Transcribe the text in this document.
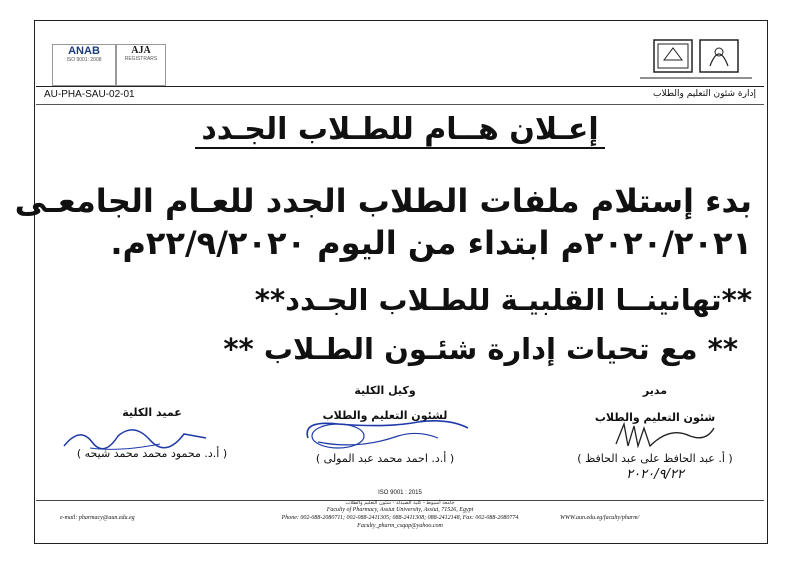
ANAB
ISO 9001: 2008
AJA
REGISTRARS
AU-PHA-SAU-02-01	إدارة شئون التعليم والطلاب
إعـلان هــام للطـلاب الجـدد
بدء إستلام ملفات الطلاب الجدد للعـام الجامعـى
٢٠٢٠/٢٠٢١م ابتداء من اليوم ٢٢/٩/٢٠٢٠م.
**تهانينــا القلبيـة للطـلاب الجـدد**
** مع تحيات إدارة شئـون الطـلاب **
عميد الكلية
( أ.د. محمود محمد محمد شيحه )
وكيل الكلية
لشئون التعليم والطلاب
( أ.د. احمد محمد عبد المولى )
مدير
شئون التعليم والطلاب
( أ. عبد الحافظ على عبد الحافظ )
٢٠٢٠/٩/٢٢
ISO 9001 : 2015
جامعة أسيوط - كلية الصيدلة - شئون التعليم والطلاب
Faculty of Pharmacy, Assiut University, Assiut, 71526, Egypt
e-mail: pharmacy@aun.edu.eg	Phone: 002-088-2080711; 002-088-2411305; 088-2411308; 088-2412148, Fax: 002-088-2080774	WWW.aun.edu.eg/faculty/pharm/
Faculty_pharm_csqap@yahoo.com
